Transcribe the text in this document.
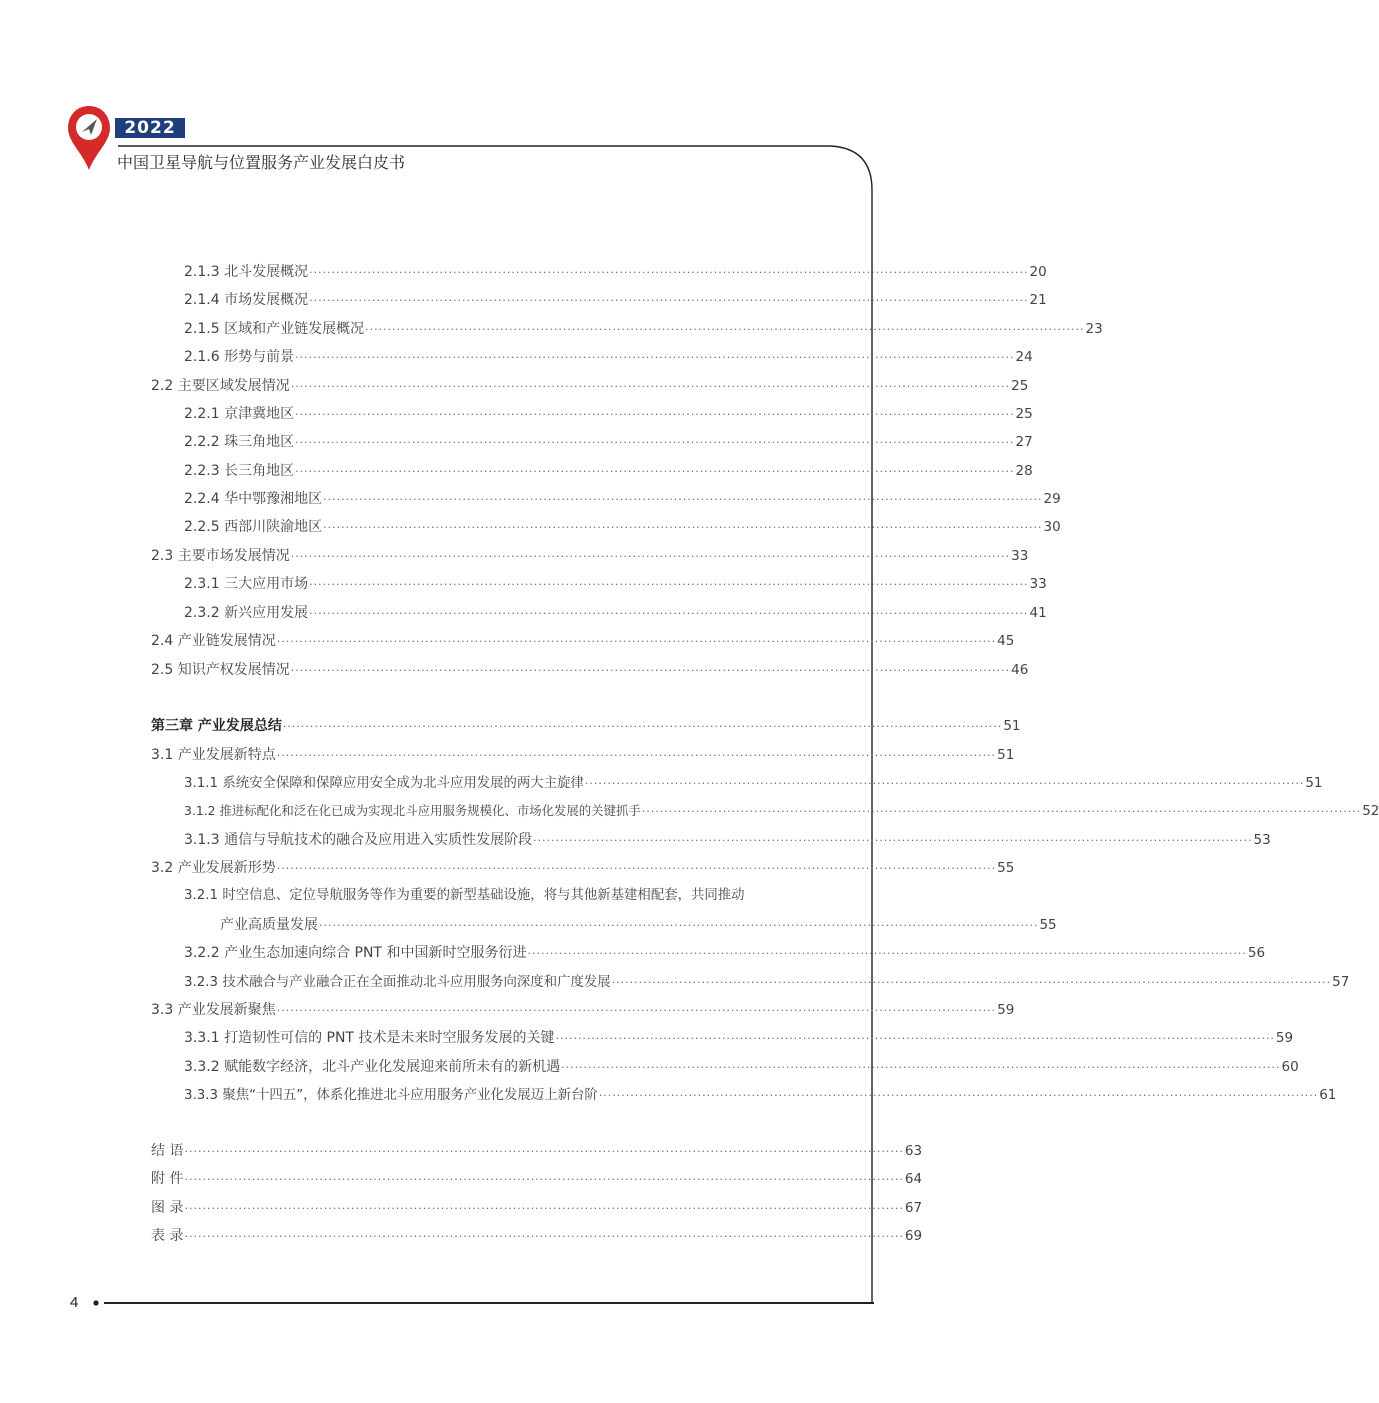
2022
中国卫星导航与位置服务产业发展白皮书
2.1.3 北斗发展概况 ································································································································································ 20
2.1.4 市场发展概况 ································································································································································ 21
2.1.5 区域和产业链发展概况 ································································································································································ 23
2.1.6 形势与前景 ································································································································································ 24
2.2 主要区域发展情况 ································································································································································ 25
2.2.1 京津冀地区 ································································································································································ 25
2.2.2 珠三角地区 ································································································································································ 27
2.2.3 长三角地区 ································································································································································ 28
2.2.4 华中鄂豫湘地区 ································································································································································ 29
2.2.5 西部川陕渝地区 ································································································································································ 30
2.3 主要市场发展情况 ································································································································································ 33
2.3.1 三大应用市场 ································································································································································ 33
2.3.2 新兴应用发展 ································································································································································ 41
2.4 产业链发展情况 ································································································································································ 45
2.5 知识产权发展情况 ································································································································································ 46
第三章 产业发展总结 ································································································································································ 51
3.1 产业发展新特点 ································································································································································ 51
3.1.1 系统安全保障和保障应用安全成为北斗应用发展的两大主旋律 ································································································································································ 51
3.1.2 推进标配化和泛在化已成为实现北斗应用服务规模化、市场化发展的关键抓手 ································································································································································ 52
3.1.3 通信与导航技术的融合及应用进入实质性发展阶段 ································································································································································ 53
3.2 产业发展新形势 ································································································································································ 55
3.2.1 时空信息、定位导航服务等作为重要的新型基础设施，将与其他新基建相配套，共同推动
产业高质量发展 ································································································································································ 55
3.2.2 产业生态加速向综合 PNT 和中国新时空服务衍进 ································································································································································ 56
3.2.3 技术融合与产业融合正在全面推动北斗应用服务向深度和广度发展 ································································································································································ 57
3.3 产业发展新聚焦 ································································································································································ 59
3.3.1 打造韧性可信的 PNT 技术是未来时空服务发展的关键 ································································································································································ 59
3.3.2 赋能数字经济，北斗产业化发展迎来前所未有的新机遇 ································································································································································ 60
3.3.3 聚焦“十四五”，体系化推进北斗应用服务产业化发展迈上新台阶 ································································································································································ 61
结 语 ································································································································································ 63
附 件 ································································································································································ 64
图 录 ································································································································································ 67
表 录 ································································································································································ 69
4
